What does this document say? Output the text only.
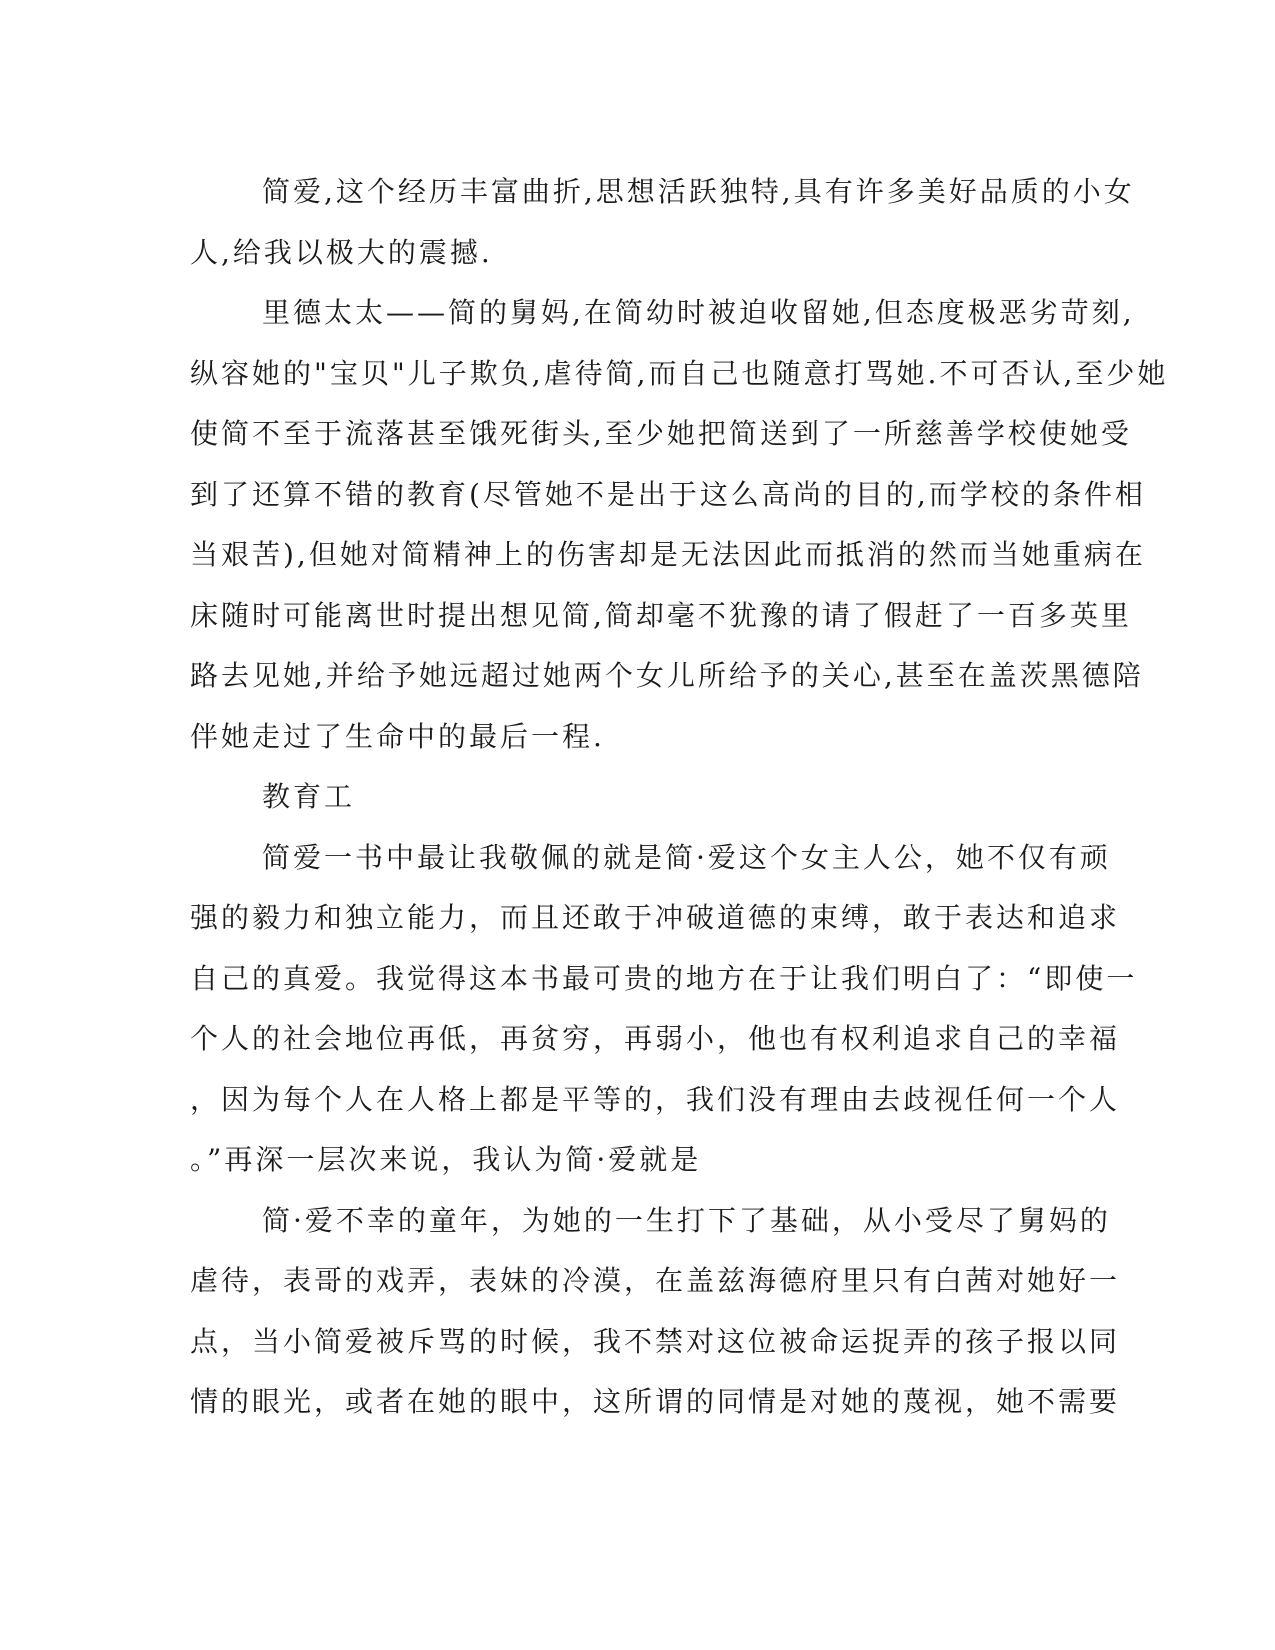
简爱,这个经历丰富曲折,思想活跃独特,具有许多美好品质的小女
人,给我以极大的震撼.
里德太太——简的舅妈,在简幼时被迫收留她,但态度极恶劣苛刻,
纵容她的"宝贝"儿子欺负,虐待简,而自己也随意打骂她.不可否认,至少她
使简不至于流落甚至饿死街头,至少她把简送到了一所慈善学校使她受
到了还算不错的教育(尽管她不是出于这么高尚的目的,而学校的条件相
当艰苦),但她对简精神上的伤害却是无法因此而抵消的然而当她重病在
床随时可能离世时提出想见简,简却毫不犹豫的请了假赶了一百多英里
路去见她,并给予她远超过她两个女儿所给予的关心,甚至在盖茨黑德陪
伴她走过了生命中的最后一程.
教育工
简爱一书中最让我敬佩的就是简·爱这个女主人公，她不仅有顽
强的毅力和独立能力，而且还敢于冲破道德的束缚，敢于表达和追求
自己的真爱。我觉得这本书最可贵的地方在于让我们明白了：“即使一
个人的社会地位再低，再贫穷，再弱小，他也有权利追求自己的幸福
，因为每个人在人格上都是平等的，我们没有理由去歧视任何一个人
。”再深一层次来说，我认为简·爱就是
简·爱不幸的童年，为她的一生打下了基础，从小受尽了舅妈的
虐待，表哥的戏弄，表妹的冷漠，在盖兹海德府里只有白茜对她好一
点，当小简爱被斥骂的时候，我不禁对这位被命运捉弄的孩子报以同
情的眼光，或者在她的眼中，这所谓的同情是对她的蔑视，她不需要
